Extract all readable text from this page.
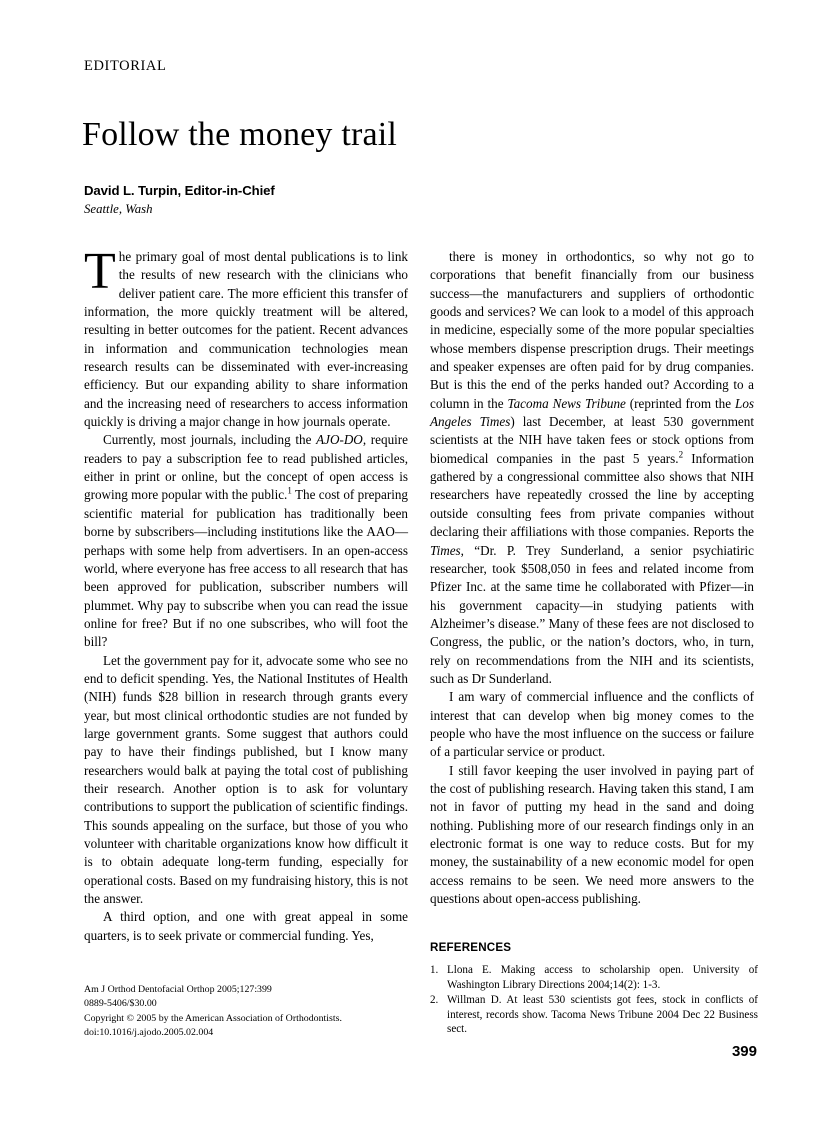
EDITORIAL
Follow the money trail
David L. Turpin, Editor-in-Chief
Seattle, Wash

The primary goal of most dental publications is to link the results of new research with the clinicians who deliver patient care. The more efficient this transfer of information, the more quickly treatment will be altered, resulting in better outcomes for the patient. Recent advances in information and communication technologies mean research results can be disseminated with ever-increasing efficiency. But our expanding ability to share information and the increasing need of researchers to access information quickly is driving a major change in how journals operate.

Currently, most journals, including the AJO-DO, require readers to pay a subscription fee to read published articles, either in print or online, but the concept of open access is growing more popular with the public.$^1$ The cost of preparing scientific material for publication has traditionally been borne by subscribers—including institutions like the AAO—perhaps with some help from advertisers. In an open-access world, where everyone has free access to all research that has been approved for publication, subscriber numbers will plummet. Why pay to subscribe when you can read the issue online for free? But if no one subscribes, who will foot the bill?

Let the government pay for it, advocate some who see no end to deficit spending. Yes, the National Institutes of Health (NIH) funds $28 billion in research through grants every year, but most clinical orthodontic studies are not funded by large government grants. Some suggest that authors could pay to have their findings published, but I know many researchers would balk at paying the total cost of publishing their research. Another option is to ask for voluntary contributions to support the publication of scientific findings. This sounds appealing on the surface, but those of you who volunteer with charitable organizations know how difficult it is to obtain adequate long-term funding, especially for operational costs. Based on my fundraising history, this is not the answer.

A third option, and one with great appeal in some quarters, is to seek private or commercial funding. Yes,

there is money in orthodontics, so why not go to corporations that benefit financially from our business success—the manufacturers and suppliers of orthodontic goods and services? We can look to a model of this approach in medicine, especially some of the more popular specialties whose members dispense prescription drugs. Their meetings and speaker expenses are often paid for by drug companies. But is this the end of the perks handed out? According to a column in the Tacoma News Tribune (reprinted from the Los Angeles Times) last December, at least 530 government scientists at the NIH have taken fees or stock options from biomedical companies in the past 5 years.$^2$ Information gathered by a congressional committee also shows that NIH researchers have repeatedly crossed the line by accepting outside consulting fees from private companies without declaring their affiliations with those companies. Reports the Times, “Dr. P. Trey Sunderland, a senior psychiatiric researcher, took $508,050 in fees and related income from Pfizer Inc. at the same time he collaborated with Pfizer—in his government capacity—in studying patients with Alzheimer’s disease.” Many of these fees are not disclosed to Congress, the public, or the nation’s doctors, who, in turn, rely on recommendations from the NIH and its scientists, such as Dr Sunderland.

I am wary of commercial influence and the conflicts of interest that can develop when big money comes to the people who have the most influence on the success or failure of a particular service or product.

I still favor keeping the user involved in paying part of the cost of publishing research. Having taken this stand, I am not in favor of putting my head in the sand and doing nothing. Publishing more of our research findings only in an electronic format is one way to reduce costs. But for my money, the sustainability of a new economic model for open access remains to be seen. We need more answers to the questions about open-access publishing.

Am J Orthod Dentofacial Orthop 2005;127:399
0889-5406/$30.00
Copyright © 2005 by the American Association of Orthodontists.
doi:10.1016/j.ajodo.2005.02.004
REFERENCES
1. Llona E. Making access to scholarship open. University of Washington Library Directions 2004;14(2): 1-3.
2. Willman D. At least 530 scientists got fees, stock in conflicts of interest, records show. Tacoma News Tribune 2004 Dec 22 Business sect.
399
